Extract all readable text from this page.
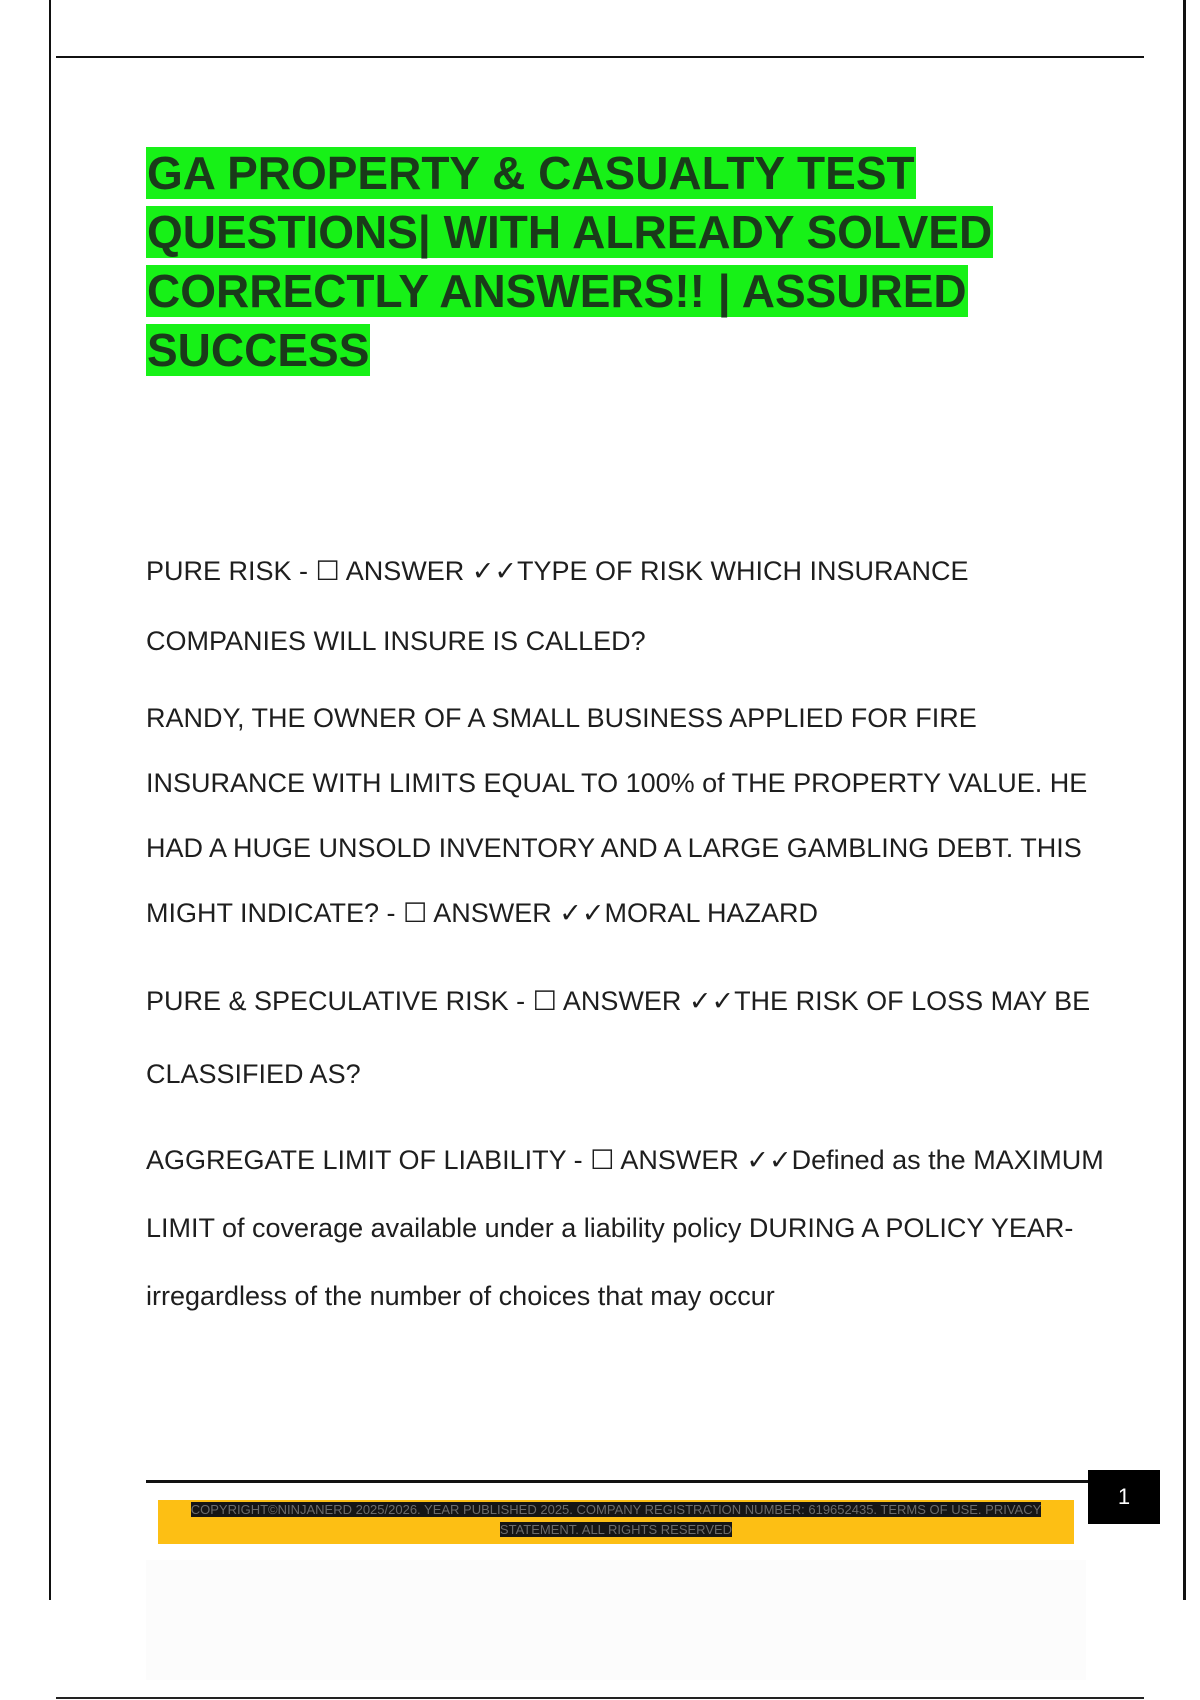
GA PROPERTY & CASUALTY TEST QUESTIONS| WITH ALREADY SOLVED CORRECTLY ANSWERS!! | ASSURED SUCCESS

PURE RISK - ☐ ANSWER ✓✓TYPE OF RISK WHICH INSURANCE COMPANIES WILL INSURE IS CALLED?

RANDY, THE OWNER OF A SMALL BUSINESS APPLIED FOR FIRE INSURANCE WITH LIMITS EQUAL TO 100% of THE PROPERTY VALUE. HE HAD A HUGE UNSOLD INVENTORY AND A LARGE GAMBLING DEBT. THIS MIGHT INDICATE? - ☐ ANSWER ✓✓MORAL HAZARD

PURE & SPECULATIVE RISK - ☐ ANSWER ✓✓THE RISK OF LOSS MAY BE CLASSIFIED AS?

AGGREGATE LIMIT OF LIABILITY - ☐ ANSWER ✓✓Defined as the MAXIMUM LIMIT of coverage available under a liability policy DURING A POLICY YEAR- irregardless of the number of choices that may occur

1
COPYRIGHT©NINJANERD 2025/2026. YEAR PUBLISHED 2025. COMPANY REGISTRATION NUMBER: 619652435. TERMS OF USE. PRIVACY STATEMENT. ALL RIGHTS RESERVED
